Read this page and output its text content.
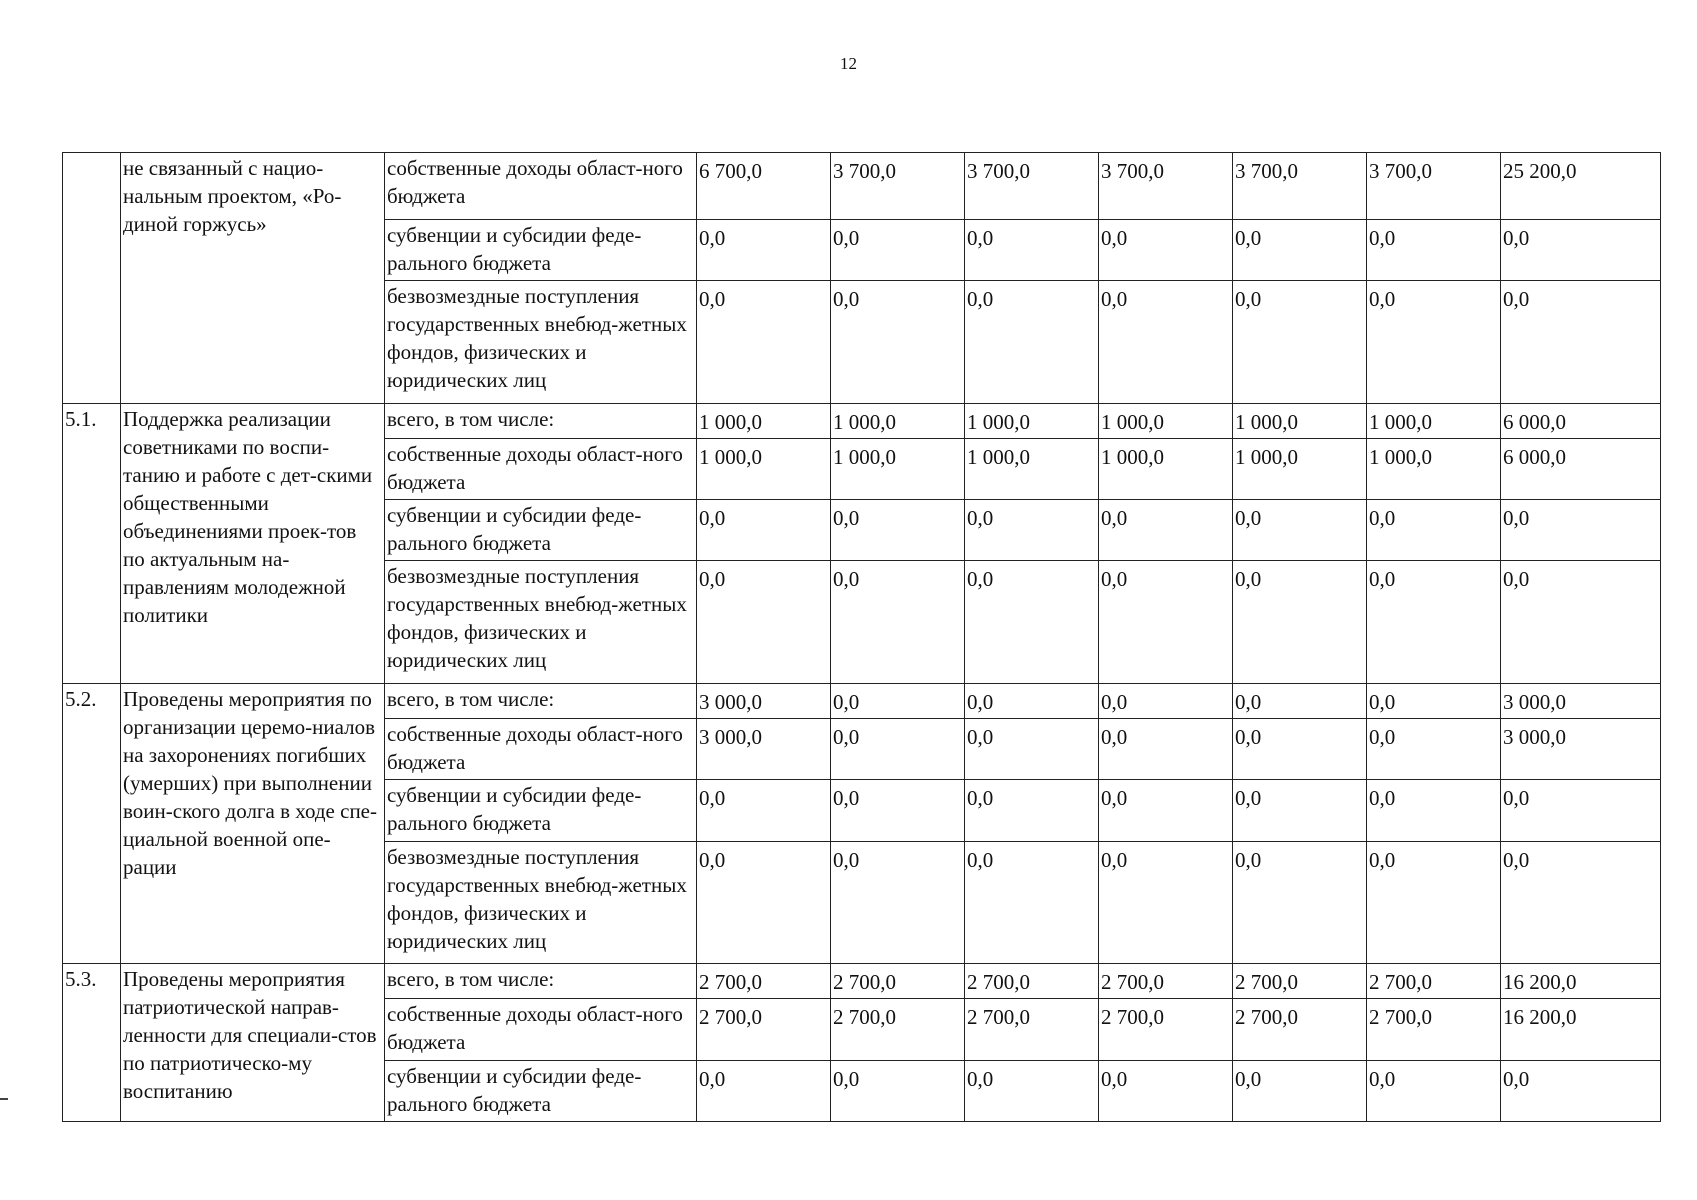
12
	не связанный с нацио-нальным проектом, «Ро-диной горжусь»	собственные доходы област-ного бюджета	6 700,0	3 700,0	3 700,0	3 700,0	3 700,0	3 700,0	25 200,0
		субвенции и субсидии феде-рального бюджета	0,0	0,0	0,0	0,0	0,0	0,0	0,0
		безвозмездные поступления государственных внебюд-жетных фондов, физических и юридических лиц	0,0	0,0	0,0	0,0	0,0	0,0	0,0
5.1.	Поддержка реализации советниками по воспи-танию и работе с дет-скими общественными объединениями проек-тов по актуальным на-правлениям молодежной политики	всего, в том числе:	1 000,0	1 000,0	1 000,0	1 000,0	1 000,0	1 000,0	6 000,0
		собственные доходы област-ного бюджета	1 000,0	1 000,0	1 000,0	1 000,0	1 000,0	1 000,0	6 000,0
		субвенции и субсидии феде-рального бюджета	0,0	0,0	0,0	0,0	0,0	0,0	0,0
		безвозмездные поступления государственных внебюд-жетных фондов, физических и юридических лиц	0,0	0,0	0,0	0,0	0,0	0,0	0,0
5.2.	Проведены мероприятия по организации церемо-ниалов на захоронениях погибших (умерших) при выполнении воин-ского долга в ходе спе-циальной военной опе-рации	всего, в том числе:	3 000,0	0,0	0,0	0,0	0,0	0,0	3 000,0
		собственные доходы област-ного бюджета	3 000,0	0,0	0,0	0,0	0,0	0,0	3 000,0
		субвенции и субсидии феде-рального бюджета	0,0	0,0	0,0	0,0	0,0	0,0	0,0
		безвозмездные поступления государственных внебюд-жетных фондов, физических и юридических лиц	0,0	0,0	0,0	0,0	0,0	0,0	0,0
5.3.	Проведены мероприятия патриотической направ-ленности для специали-стов по патриотическо-му воспитанию	всего, в том числе:	2 700,0	2 700,0	2 700,0	2 700,0	2 700,0	2 700,0	16 200,0
		собственные доходы област-ного бюджета	2 700,0	2 700,0	2 700,0	2 700,0	2 700,0	2 700,0	16 200,0
		субвенции и субсидии феде-рального бюджета	0,0	0,0	0,0	0,0	0,0	0,0	0,0
